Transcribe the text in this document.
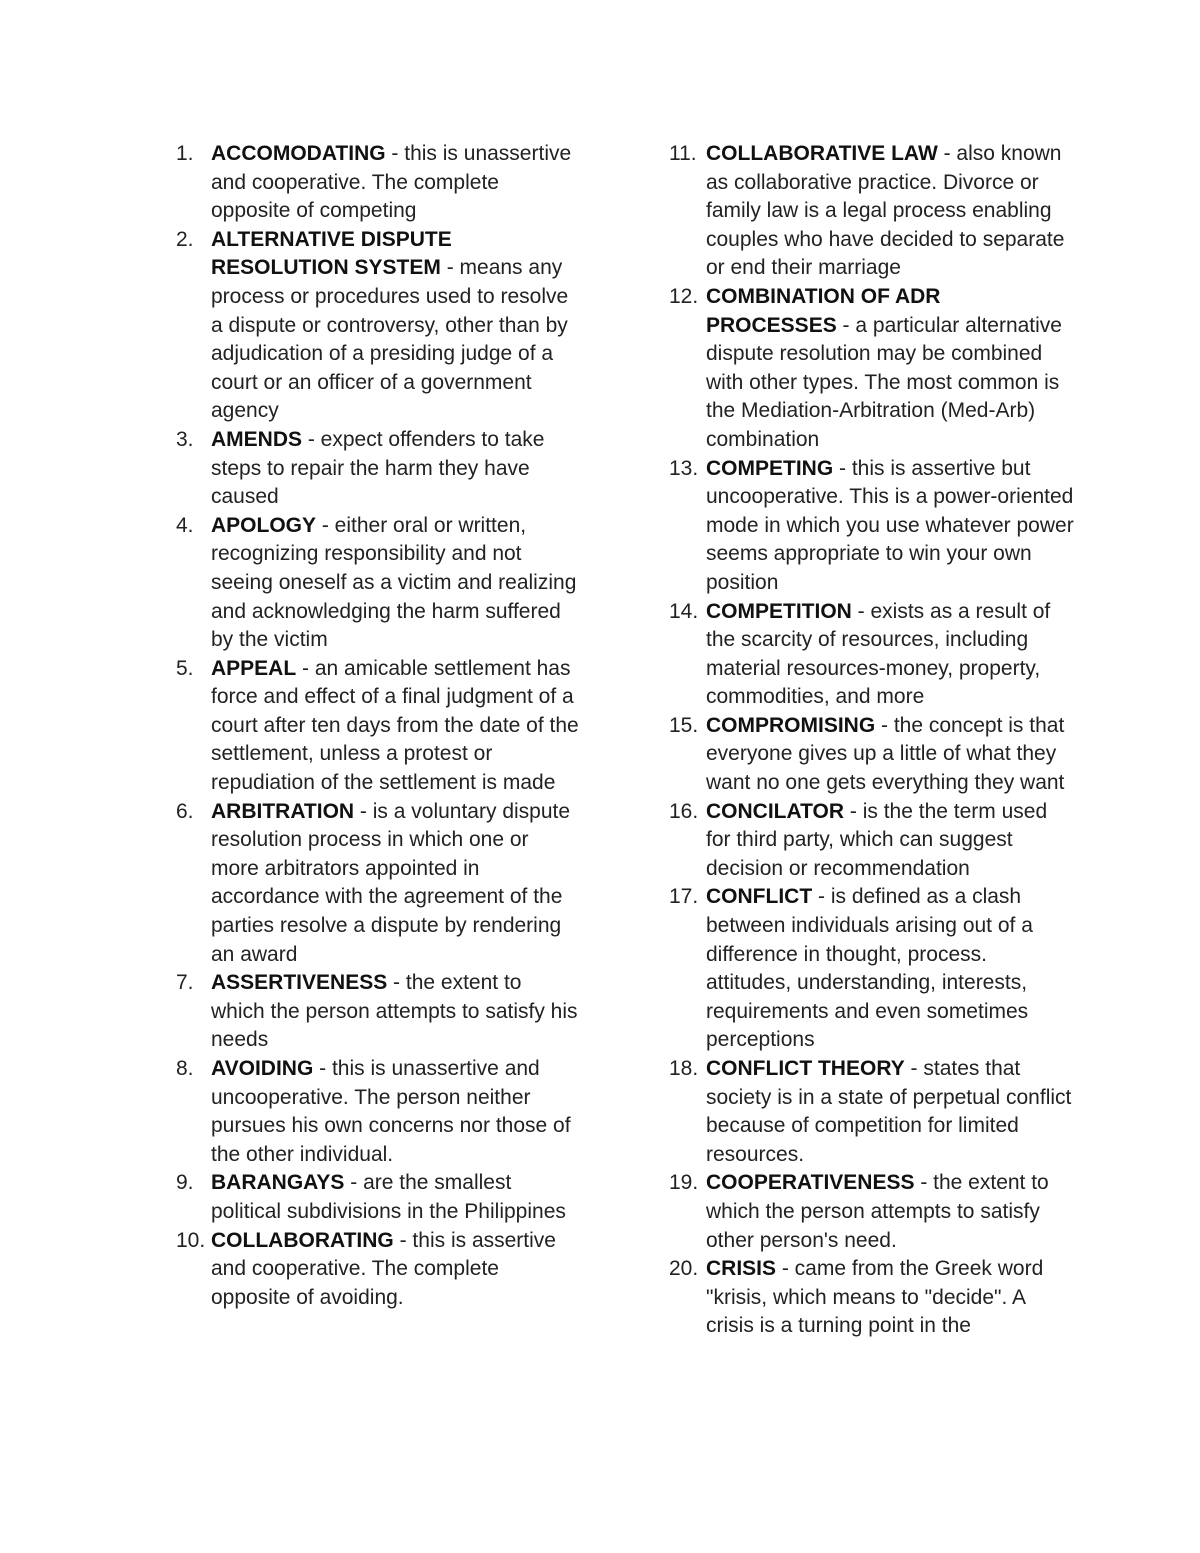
1. ACCOMODATING - this is unassertive and cooperative. The complete opposite of competing
2. ALTERNATIVE DISPUTE RESOLUTION SYSTEM - means any process or procedures used to resolve a dispute or controversy, other than by adjudication of a presiding judge of a court or an officer of a government agency
3. AMENDS - expect offenders to take steps to repair the harm they have caused
4. APOLOGY - either oral or written, recognizing responsibility and not seeing oneself as a victim and realizing and acknowledging the harm suffered by the victim
5. APPEAL - an amicable settlement has force and effect of a final judgment of a court after ten days from the date of the settlement, unless a protest or repudiation of the settlement is made
6. ARBITRATION - is a voluntary dispute resolution process in which one or more arbitrators appointed in accordance with the agreement of the parties resolve a dispute by rendering an award
7. ASSERTIVENESS - the extent to which the person attempts to satisfy his needs
8. AVOIDING - this is unassertive and uncooperative. The person neither pursues his own concerns nor those of the other individual.
9. BARANGAYS - are the smallest political subdivisions in the Philippines
10. COLLABORATING - this is assertive and cooperative. The complete opposite of avoiding.
11. COLLABORATIVE LAW - also known as collaborative practice. Divorce or family law is a legal process enabling couples who have decided to separate or end their marriage
12. COMBINATION OF ADR PROCESSES - a particular alternative dispute resolution may be combined with other types. The most common is the Mediation-Arbitration (Med-Arb) combination
13. COMPETING - this is assertive but uncooperative. This is a power-oriented mode in which you use whatever power seems appropriate to win your own position
14. COMPETITION - exists as a result of the scarcity of resources, including material resources-money, property, commodities, and more
15. COMPROMISING - the concept is that everyone gives up a little of what they want no one gets everything they want
16. CONCILATOR - is the the term used for third party, which can suggest decision or recommendation
17. CONFLICT - is defined as a clash between individuals arising out of a difference in thought, process. attitudes, understanding, interests, requirements and even sometimes perceptions
18. CONFLICT THEORY - states that society is in a state of perpetual conflict because of competition for limited resources.
19. COOPERATIVENESS - the extent to which the person attempts to satisfy other person's need.
20. CRISIS - came from the Greek word "krisis, which means to "decide". A crisis is a turning point in the
